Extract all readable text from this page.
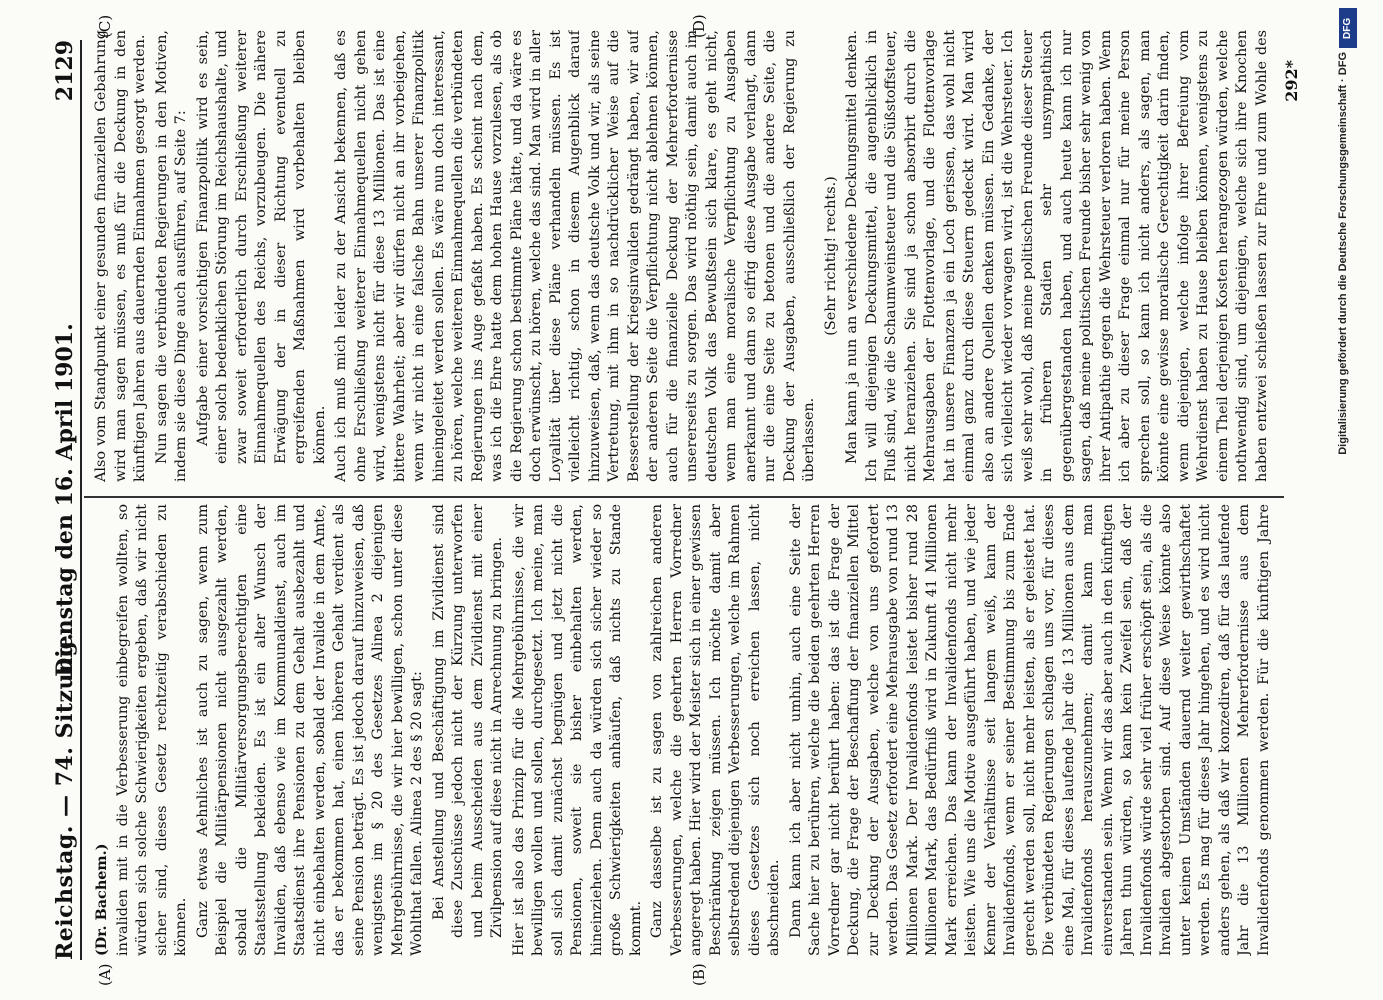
Reichstag. — 74. Sitzung.
Dienstag den 16. April 1901.
2129
(A)	(B)
(C)	(D)

(Dr. Bachem.) invaliden mit in die Verbesserung einbegreifen wollten, so würden sich solche Schwierigkeiten ergeben, daß wir nicht sicher sind, dieses Gesetz rechtzeitig verabschieden zu können. Ganz etwas Aehnliches ist auch zu sagen, wenn zum Beispiel die Militärpensionen nicht ausgezahlt werden, sobald die Militärversorgungsberechtigten eine Staatsstellung bekleiden. Es ist ein alter Wunsch der Invaliden, daß ebenso wie im Kommunaldienst, auch im Staatsdienst ihre Pensionen zu dem Gehalt ausbezahlt und nicht einbehalten werden, sobald der Invalide in dem Amte, das er bekommen hat, einen höheren Gehalt verdient als seine Pension beträgt. Es ist jedoch darauf hinzuweisen, daß wenigstens im § 20 des Gesetzes Alinea 2 diejenigen Mehrgebührnisse, die wir hier bewilligen, schon unter diese Wohlthat fallen. Alinea 2 des § 20 sagt: Bei Anstellung und Beschäftigung im Zivildienst sind diese Zuschüsse jedoch nicht der Kürzung unterworfen und beim Ausscheiden aus dem Zivildienst mit einer Zivilpension auf diese nicht in Anrechnung zu bringen. Hier ist also das Prinzip für die Mehrgebührnisse, die wir bewilligen wollen und sollen, durchgesetzt. Ich meine, man soll sich damit zunächst begnügen und jetzt nicht die Pensionen, soweit sie bisher einbehalten werden, hineinziehen. Denn auch da würden sich sicher wieder so große Schwierigkeiten anhäufen, daß nichts zu Stande kommt. Ganz dasselbe ist zu sagen von zahlreichen anderen Verbesserungen, welche die geehrten Herren Vorredner angeregt haben. Hier wird der Meister sich in einer gewissen Beschränkung zeigen müssen. Ich möchte damit aber selbstredend diejenigen Verbesserungen, welche im Rahmen dieses Gesetzes sich noch erreichen lassen, nicht abschneiden. Dann kann ich aber nicht umhin, auch eine Seite der Sache hier zu berühren, welche die beiden geehrten Herren Vorredner gar nicht berührt haben: das ist die Frage der Deckung, die Frage der Beschaffung der finanziellen Mittel zur Deckung der Ausgaben, welche von uns gefordert werden. Das Gesetz erfordert eine Mehrausgabe von rund 13 Millionen Mark. Der Invalidenfonds leistet bisher rund 28 Millionen Mark, das Bedürfniß wird in Zukunft 41 Millionen Mark erreichen. Das kann der Invalidenfonds nicht mehr leisten. Wie uns die Motive ausgeführt haben, und wie jeder Kenner der Verhältnisse seit langem weiß, kann der Invalidenfonds, wenn er seiner Bestimmung bis zum Ende gerecht werden soll, nicht mehr leisten, als er geleistet hat. Die verbündeten Regierungen schlagen uns vor, für dieses eine Mal, für dieses laufende Jahr die 13 Millionen aus dem Invalidenfonds herauszunehmen; damit kann man einverstanden sein. Wenn wir das aber auch in den künftigen Jahren thun würden, so kann kein Zweifel sein, daß der Invalidenfonds würde sehr viel früher erschöpft sein, als die Invaliden abgestorben sind. Auf diese Weise könnte also unter keinen Umständen dauernd weiter gewirthschaftet werden. Es mag für dieses Jahr hingehen, und es wird nicht anders gehen, als daß wir konzediren, daß für das laufende Jahr die 13 Millionen Mehrerfordernisse aus dem Invalidenfonds genommen werden. Für die künftigen Jahre

Also vom Standpunkt einer gesunden finanziellen Gebahrung wird man sagen müssen, es muß für die Deckung in den künftigen Jahren aus dauernden Einnahmen gesorgt werden. Nun sagen die verbündeten Regierungen in den Motiven, indem sie diese Dinge auch ausführen, auf Seite 7: Aufgabe einer vorsichtigen Finanzpolitik wird es sein, einer solch bedenklichen Störung im Reichshaushalte, und zwar soweit erforderlich durch Erschließung weiterer Einnahmequellen des Reichs, vorzubeugen. Die nähere Erwägung der in dieser Richtung eventuell zu ergreifenden Maßnahmen wird vorbehalten bleiben können. Auch ich muß mich leider zu der Ansicht bekennen, daß es ohne Erschließung weiterer Einnahmequellen nicht gehen wird, wenigstens nicht für diese 13 Millionen. Das ist eine bittere Wahrheit; aber wir dürfen nicht an ihr vorbeigehen, wenn wir nicht in eine falsche Bahn unserer Finanzpolitik hineingeleitet werden sollen. Es wäre nun doch interessant, zu hören, welche weiteren Einnahmequellen die verbündeten Regierungen ins Auge gefaßt haben. Es scheint nach dem, was ich die Ehre hatte dem hohen Hause vorzulesen, als ob die Regierung schon bestimmte Pläne hätte, und da wäre es doch erwünscht, zu hören, welche das sind. Man wird in aller Loyalität über diese Pläne verhandeln müssen. Es ist vielleicht richtig, schon in diesem Augenblick darauf hinzuweisen, daß, wenn das deutsche Volk und wir, als seine Vertretung, mit ihm in so nachdrücklicher Weise auf die Besserstellung der Kriegsinvaliden gedrängt haben, wir auf der anderen Seite die Verpflichtung nicht ablehnen können, auch für die finanzielle Deckung der Mehrerfordernisse unsererseits zu sorgen. Das wird nöthig sein, damit auch im deutschen Volk das Bewußtsein sich klare, es geht nicht, wenn man eine moralische Verpflichtung zu Ausgaben anerkannt und dann so eifrig diese Ausgabe verlangt, dann nur die eine Seite zu betonen und die andere Seite, die Deckung der Ausgaben, ausschließlich der Regierung zu überlassen.

(Sehr richtig! rechts.)

Man kann ja nun an verschiedene Deckungsmittel denken. Ich will diejenigen Deckungsmittel, die augenblicklich in Fluß sind, wie die Schaumweinsteuer und die Süßstoffsteuer, nicht heranziehen. Sie sind ja schon absorbirt durch die Mehrausgaben der Flottenvorlage, und die Flottenvorlage hat in unsere Finanzen ja ein Loch gerissen, das wohl nicht einmal ganz durch diese Steuern gedeckt wird. Man wird also an andere Quellen denken müssen. Ein Gedanke, der sich vielleicht wieder vorwagen wird, ist die Wehrsteuer. Ich weiß sehr wohl, daß meine politischen Freunde dieser Steuer in früheren Stadien sehr unsympathisch gegenübergestanden haben, und auch heute kann ich nur sagen, daß meine politischen Freunde bisher sehr wenig von ihrer Antipathie gegen die Wehrsteuer verloren haben. Wenn ich aber zu dieser Frage einmal nur für meine Person sprechen soll, so kann ich nicht anders, als sagen, man könnte eine gewisse moralische Gerechtigkeit darin finden, wenn diejenigen, welche infolge ihrer Befreiung vom Wehrdienst haben zu Hause bleiben können, wenigstens zu einem Theil derjenigen Kosten herangezogen würden, welche nothwendig sind, um diejenigen, welche sich ihre Knochen haben entzwei schießen lassen zur Ehre und zum Wohle des

292*
DFG
Digitalisierung gefördert durch die Deutsche Forschungsgemeinschaft · DFG
